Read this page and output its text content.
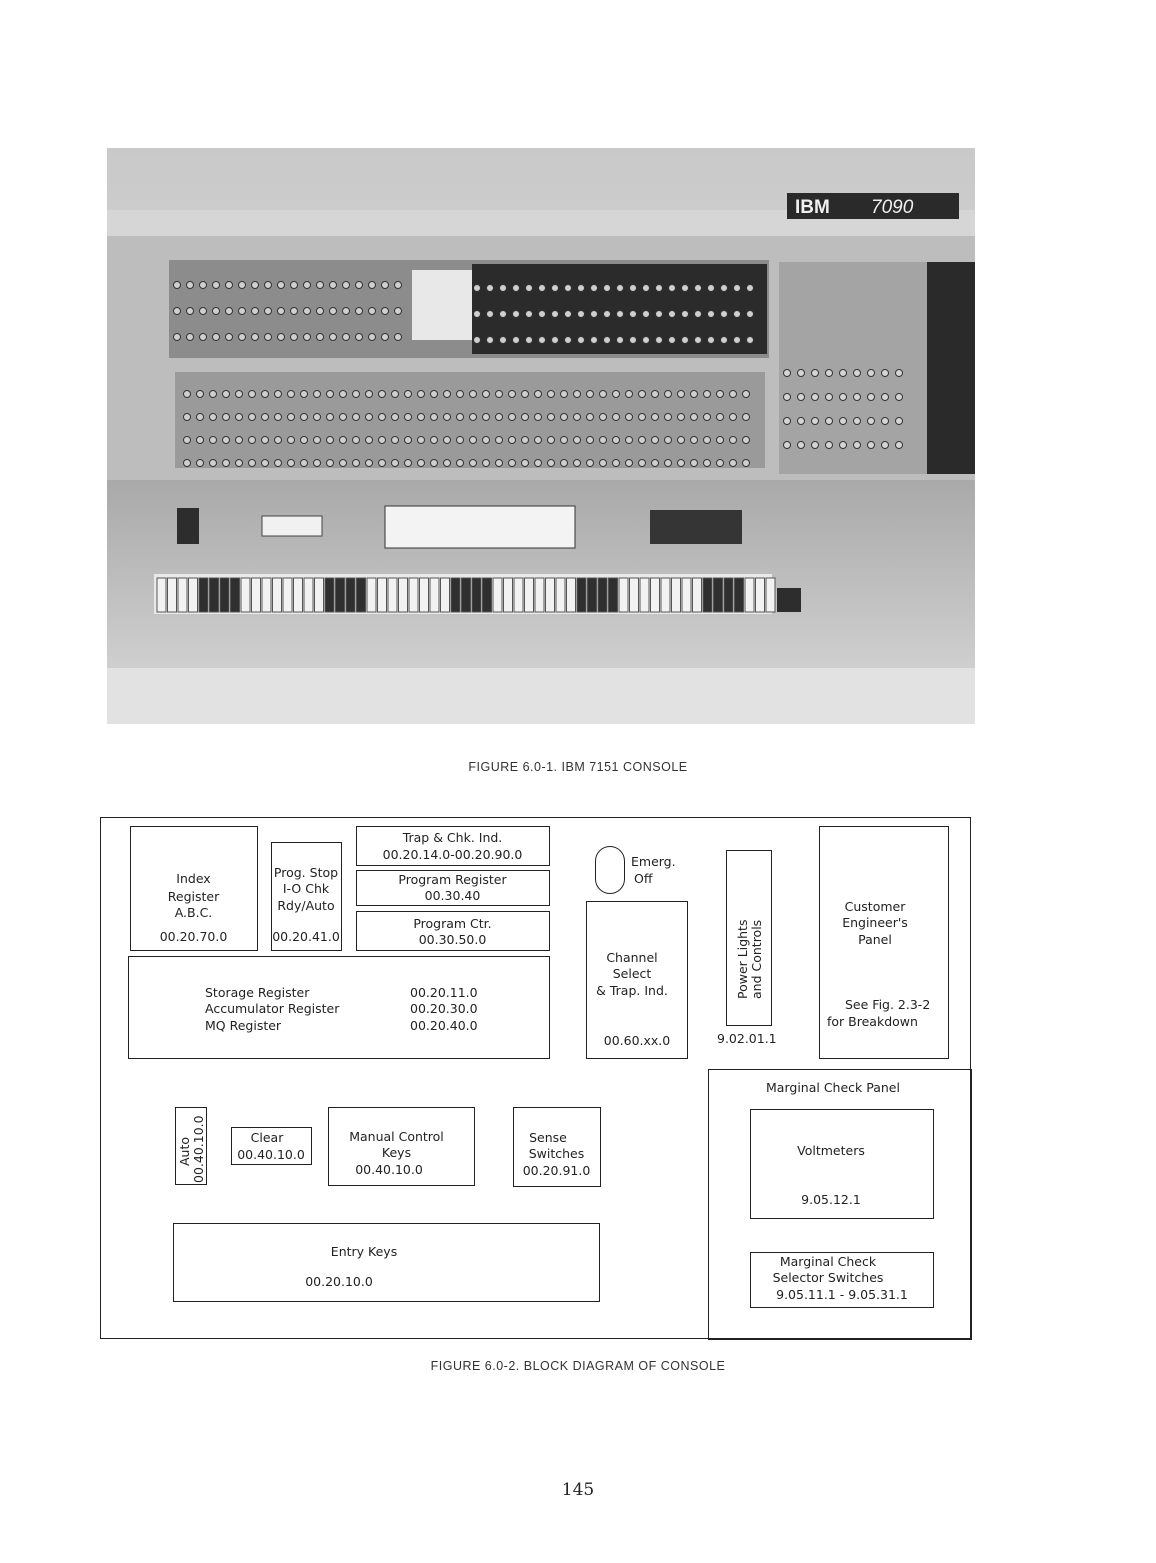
IBM 7090
FIGURE 6.0-1. IBM 7151 CONSOLE
Index
Register
A.B.C.
00.20.70.0
Prog. Stop
I-O Chk
Rdy/Auto
00.20.41.0
Trap & Chk. Ind.
00.20.14.0-00.20.90.0
Program Register
00.30.40
Program Ctr.
00.30.50.0
Storage Register
Accumulator Register
MQ Register
00.20.11.0
00.20.30.0
00.20.40.0
Emerg.
Off
Channel
Select
& Trap. Ind.
00.60.xx.0
Power Lights and Controls
9.02.01.1
Customer
Engineer's
Panel
See Fig. 2.3-2
for Breakdown
Marginal Check Panel
Voltmeters
9.05.12.1
Marginal Check
Selector Switches
9.05.11.1 - 9.05.31.1
Auto 00.40.10.0	Clear
00.40.10.0
Manual Control
Keys
00.40.10.0
Sense
Switches
00.20.91.0
Entry Keys
00.20.10.0
FIGURE 6.0-2. BLOCK DIAGRAM OF CONSOLE
145
